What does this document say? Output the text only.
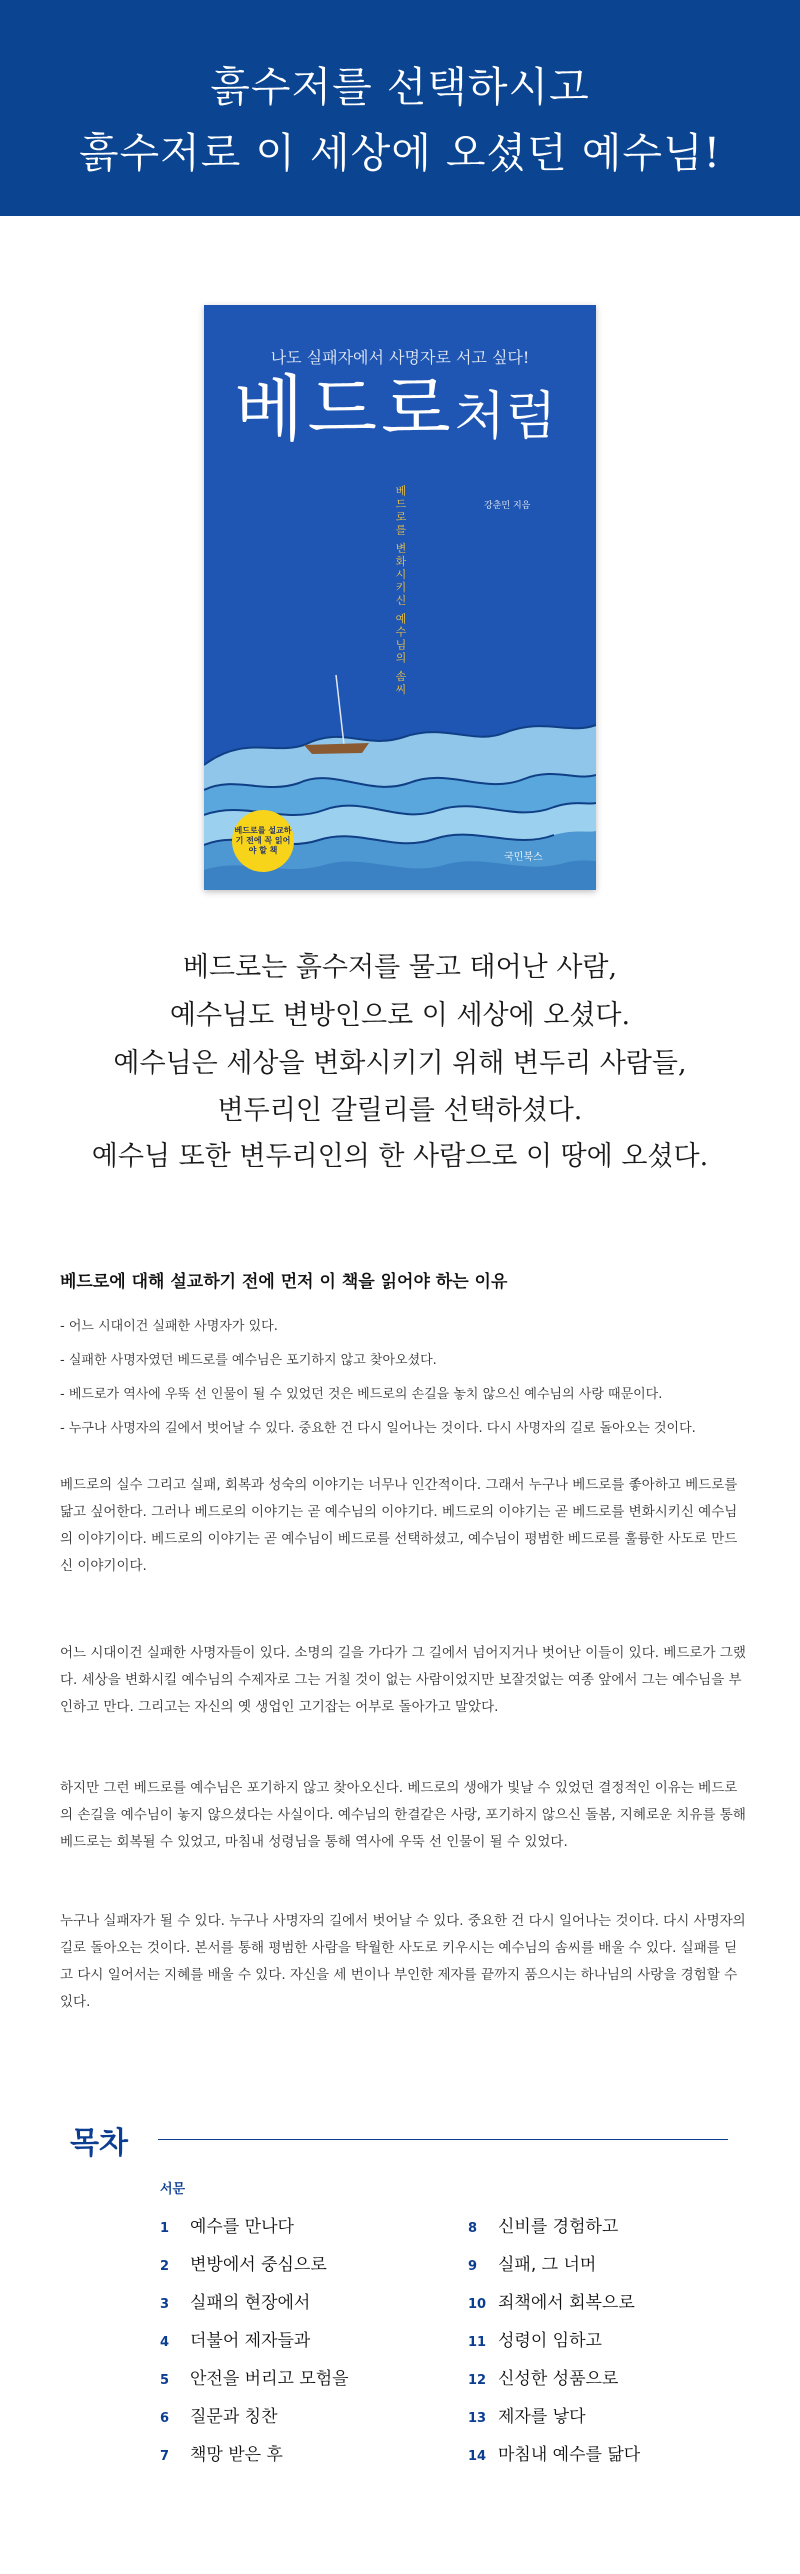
흙수저를 선택하시고
흙수저로 이 세상에 오셨던 예수님!
나도 실패자에서 사명자로 서고 싶다!
베드로처럼
강춘민 지음
베드로를 변화시키신 예수님의 솜씨
베드로를 설교하기 전에 꼭 읽어야 할 책
국민북스
베드로는 흙수저를 물고 태어난 사람,
예수님도 변방인으로 이 세상에 오셨다.
예수님은 세상을 변화시키기 위해 변두리 사람들,
변두리인 갈릴리를 선택하셨다.
예수님 또한 변두리인의 한 사람으로 이 땅에 오셨다.
베드로에 대해 설교하기 전에 먼저 이 책을 읽어야 하는 이유
- 어느 시대이건 실패한 사명자가 있다.
- 실패한 사명자였던 베드로를 예수님은 포기하지 않고 찾아오셨다.
- 베드로가 역사에 우뚝 선 인물이 될 수 있었던 것은 베드로의 손길을 놓치 않으신 예수님의 사랑 때문이다.
- 누구나 사명자의 길에서 벗어날 수 있다. 중요한 건 다시 일어나는 것이다. 다시 사명자의 길로 돌아오는 것이다.

베드로의 실수 그리고 실패, 회복과 성숙의 이야기는 너무나 인간적이다. 그래서 누구나 베드로를 좋아하고 베드로를 닮고 싶어한다. 그러나 베드로의 이야기는 곧 예수님의 이야기다. 베드로의 이야기는 곧 베드로를 변화시키신 예수님의 이야기이다. 베드로의 이야기는 곧 예수님이 베드로를 선택하셨고, 예수님이 평범한 베드로를 훌륭한 사도로 만드신 이야기이다.

어느 시대이건 실패한 사명자들이 있다. 소명의 길을 가다가 그 길에서 넘어지거나 벗어난 이들이 있다. 베드로가 그랬다. 세상을 변화시킬 예수님의 수제자로 그는 거칠 것이 없는 사람이었지만 보잘것없는 여종 앞에서 그는 예수님을 부인하고 만다. 그리고는 자신의 옛 생업인 고기잡는 어부로 돌아가고 말았다.

하지만 그런 베드로를 예수님은 포기하지 않고 찾아오신다. 베드로의 생애가 빛날 수 있었던 결정적인 이유는 베드로의 손길을 예수님이 놓지 않으셨다는 사실이다. 예수님의 한결같은 사랑, 포기하지 않으신 돌봄, 지혜로운 치유를 통해 베드로는 회복될 수 있었고, 마침내 성령님을 통해 역사에 우뚝 선 인물이 될 수 있었다.

누구나 실패자가 될 수 있다. 누구나 사명자의 길에서 벗어날 수 있다. 중요한 건 다시 일어나는 것이다. 다시 사명자의 길로 돌아오는 것이다. 본서를 통해 평범한 사람을 탁월한 사도로 키우시는 예수님의 솜씨를 배울 수 있다. 실패를 딛고 다시 일어서는 지혜를 배울 수 있다. 자신을 세 번이나 부인한 제자를 끝까지 품으시는 하나님의 사랑을 경험할 수 있다.

목차
서문
1 예수를 만나다
2 변방에서 중심으로
3 실패의 현장에서
4 더불어 제자들과
5 안전을 버리고 모험을
6 질문과 칭찬
7 책망 받은 후
8 신비를 경험하고
9 실패, 그 너머
10 죄책에서 회복으로
11 성령이 임하고
12 신성한 성품으로
13 제자를 낳다
14 마침내 예수를 닮다
